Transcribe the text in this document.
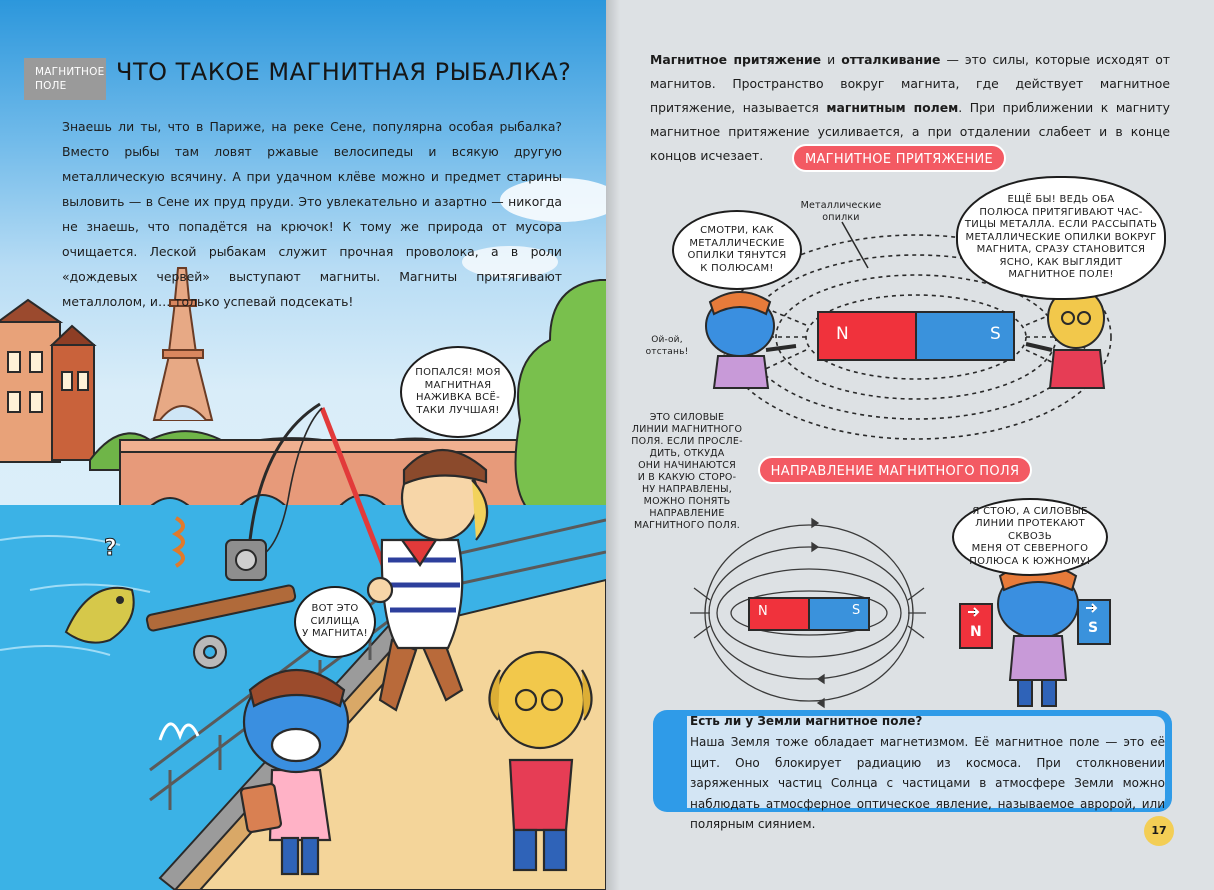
МАГНИТНОЕ
ПОЛЕ	ЧТО ТАКОЕ МАГНИТНАЯ РЫБАЛКА?
Знаешь ли ты, что в Париже, на реке Сене, популярна особая рыбалка? Вместо рыбы там ловят ржавые велосипеды и всякую другую металлическую всячину. А при удачном клёве можно и предмет старины выловить — в Сене их пруд пруди. Это увлекательно и азартно — никогда не знаешь, что попадётся на крючок! К тому же природа от мусора очищается. Леской рыбакам служит прочная проволока, а в роли «дождевых червей» выступают магниты. Магниты притягивают металлолом, и… только успевай подсекать!
ПОПАЛСЯ! МОЯ
МАГНИТНАЯ
НАЖИВКА ВСЁ-
ТАКИ ЛУЧШАЯ!
ВОТ ЭТО
СИЛИЩА
У МАГНИТА!
?
Магнитное притяжение и отталкивание — это силы, которые исходят от магнитов. Пространство вокруг магнита, где действует магнитное притяжение, называется магнитным полем. При приближении к магниту магнитное притяжение усиливается, а при отдалении слабеет и в конце концов исчезает.	МАГНИТНОЕ ПРИТЯЖЕНИЕ
Металлические
опилки
СМОТРИ, КАК
МЕТАЛЛИЧЕСКИЕ
ОПИЛКИ ТЯНУТСЯ
К ПОЛЮСАМ!
ЕЩЁ БЫ! ВЕДЬ ОБА
ПОЛЮСА ПРИТЯГИВАЮТ ЧАС-
ТИЦЫ МЕТАЛЛА. ЕСЛИ РАССЫПАТЬ
МЕТАЛЛИЧЕСКИЕ ОПИЛКИ ВОКРУГ
МАГНИТА, СРАЗУ СТАНОВИТСЯ
ЯСНО, КАК ВЫГЛЯДИТ
МАГНИТНОЕ ПОЛЕ!
Ой-ой,
отстань!
N	S
ЭТО СИЛОВЫЕ
ЛИНИИ МАГНИТНОГО
ПОЛЯ. ЕСЛИ ПРОСЛЕ-
ДИТЬ, ОТКУДА
ОНИ НАЧИНАЮТСЯ
И В КАКУЮ СТОРО-
НУ НАПРАВЛЕНЫ,
МОЖНО ПОНЯТЬ
НАПРАВЛЕНИЕ
МАГНИТНОГО ПОЛЯ.
НАПРАВЛЕНИЕ МАГНИТНОГО ПОЛЯ
Я СТОЮ, А СИЛОВЫЕ
ЛИНИИ ПРОТЕКАЮТ СКВОЗЬ
МЕНЯ ОТ СЕВЕРНОГО
ПОЛЮСА К ЮЖНОМУ!
N	S
N	S
Есть ли у Земли магнитное поле?
Наша Земля тоже обладает магнетизмом. Её магнитное поле — это её щит. Оно блокирует радиацию из космоса. При столкновении заряженных частиц Солнца с частицами в атмосфере Земли можно наблюдать атмосферное оптическое явление, называемое авророй, или полярным сиянием.	17
